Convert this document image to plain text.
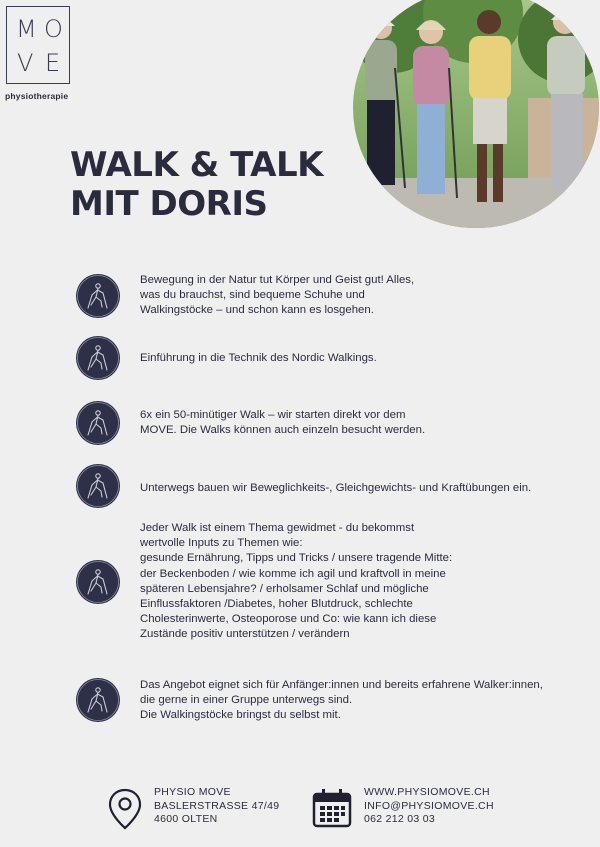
M O
V E
physiotherapie
WALK & TALK
MIT DORIS
Bewegung in der Natur tut Körper und Geist gut! Alles,
was du brauchst, sind bequeme Schuhe und
Walkingstöcke – und schon kann es losgehen.
Einführung in die Technik des Nordic Walkings.
6x ein 50-minütiger Walk – wir starten direkt vor dem
MOVE. Die Walks können auch einzeln besucht werden.
Unterwegs bauen wir Beweglichkeits-, Gleichgewichts- und Kraftübungen ein.
Jeder Walk ist einem Thema gewidmet - du bekommst
wertvolle Inputs zu Themen wie:
gesunde Ernährung, Tipps und Tricks / unsere tragende Mitte:
der Beckenboden / wie komme ich agil und kraftvoll in meine
späteren Lebensjahre? / erholsamer Schlaf und mögliche
Einflussfaktoren /Diabetes, hoher Blutdruck, schlechte
Cholesterinwerte, Osteoporose und Co: wie kann ich diese
Zustände positiv unterstützen / verändern
Das Angebot eignet sich für Anfänger:innen und bereits erfahrene Walker:innen,
die gerne in einer Gruppe unterwegs sind.
Die Walkingstöcke bringst du selbst mit.
PHYSIO MOVE
BASLERSTRASSE 47/49
4600 OLTEN
WWW.PHYSIOMOVE.CH
INFO@PHYSIOMOVE.CH
062 212 03 03
